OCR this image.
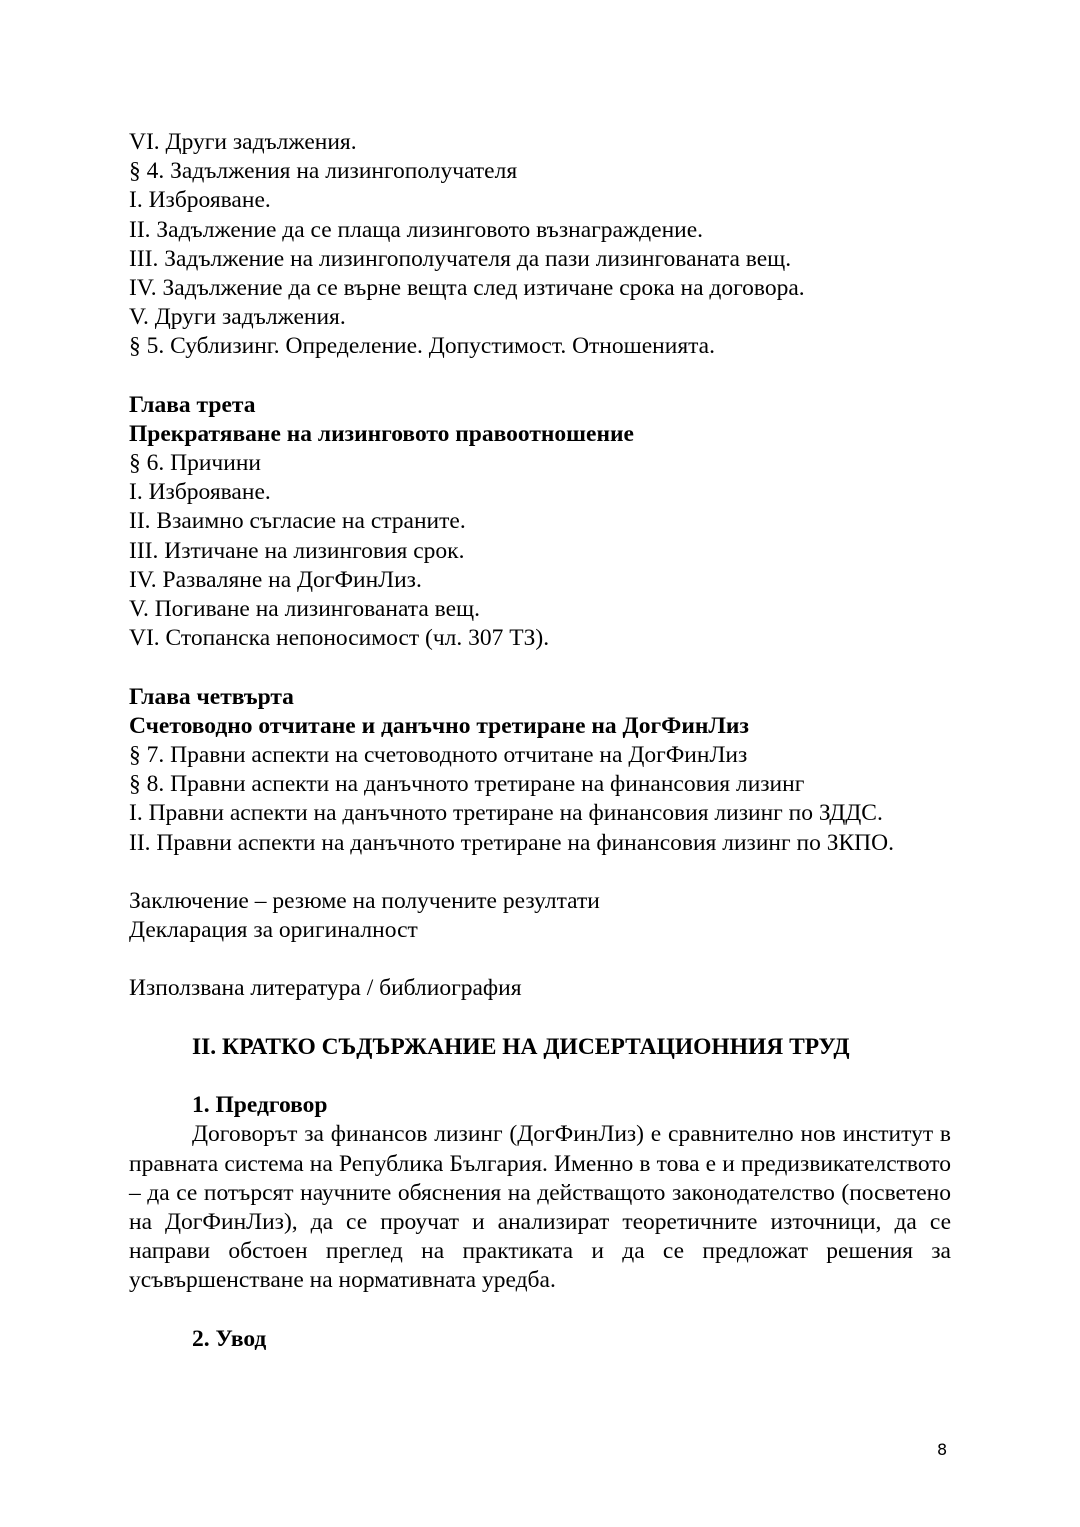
VI. Други задължения.
§ 4. Задължения на лизингополучателя
I. Изброяване.
II. Задължение да се плаща лизинговото възнаграждение.
III. Задължение на лизингополучателя да пази лизингованата вещ.
IV. Задължение да се върне вещта след изтичане срока на договора.
V. Други задължения.
§ 5. Сублизинг. Определение. Допустимост. Отношенията.
Глава трета
Прекратяване на лизинговото правоотношение
§ 6. Причини
I. Изброяване.
II. Взаимно съгласие на страните.
III. Изтичане на лизинговия срок.
IV. Разваляне на ДогФинЛиз.
V. Погиване на лизингованата вещ.
VI. Стопанска непоносимост (чл. 307 ТЗ).
Глава четвърта
Счетоводно отчитане и данъчно третиране на ДогФинЛиз
§ 7. Правни аспекти на счетоводното отчитане на ДогФинЛиз
§ 8. Правни аспекти на данъчното третиране на финансовия лизинг
I. Правни аспекти на данъчното третиране на финансовия лизинг по ЗДДС.
II. Правни аспекти на данъчното третиране на финансовия лизинг по ЗКПО.
Заключение – резюме на получените резултати
Декларация за оригиналност
Използвана литература / библиография
II. КРАТКО СЪДЪРЖАНИЕ НА ДИСЕРТАЦИОННИЯ ТРУД
1. Предговор
Договорът за финансов лизинг (ДогФинЛиз) е сравнително нов институт в правната система на Република България. Именно в това е и предизвикателството – да се потърсят научните обяснения на действащото законодателство (посветено на ДогФинЛиз), да се проучат и анализират теоретичните източници, да се направи обстоен преглед на практиката и да се предложат решения за усъвършенстване на нормативната уредба.
2. Увод
8
